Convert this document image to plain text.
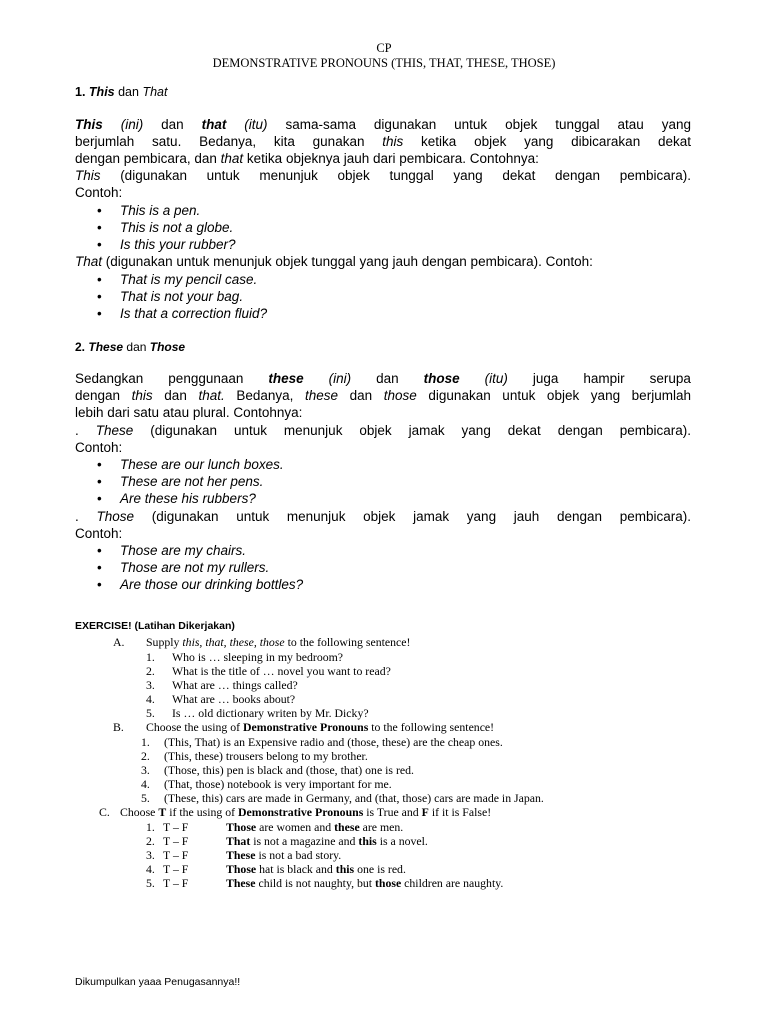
CP
DEMONSTRATIVE PRONOUNS (THIS, THAT, THESE, THOSE)
1. This dan That
This (ini) dan that (itu) sama-sama digunakan untuk objek tunggal atau yang
berjumlah satu. Bedanya, kita gunakan this ketika objek yang dibicarakan dekat
dengan pembicara, dan that ketika objeknya jauh dari pembicara. Contohnya:
This (digunakan untuk menunjuk objek tunggal yang dekat dengan pembicara).
Contoh:
• This is a pen.
• This is not a globe.
• Is this your rubber?
That (digunakan untuk menunjuk objek tunggal yang jauh dengan pembicara). Contoh:
• That is my pencil case.
• That is not your bag.
• Is that a correction fluid?
2. These dan Those
Sedangkan penggunaan these (ini) dan those (itu) juga hampir serupa
dengan this dan that. Bedanya, these dan those digunakan untuk objek yang berjumlah
lebih dari satu atau plural. Contohnya:
. These (digunakan untuk menunjuk objek jamak yang dekat dengan pembicara).
Contoh:
• These are our lunch boxes.
• These are not her pens.
• Are these his rubbers?
. Those (digunakan untuk menunjuk objek jamak yang jauh dengan pembicara).
Contoh:
• Those are my chairs.
• Those are not my rullers.
• Are those our drinking bottles?
EXERCISE! (Latihan Dikerjakan)
A. Supply this, that, these, those to the following sentence!
1. Who is … sleeping in my bedroom?
2. What is the title of … novel you want to read?
3. What are … things called?
4. What are … books about?
5. Is … old dictionary writen by Mr. Dicky?
B. Choose the using of Demonstrative Pronouns to the following sentence!
1. (This, That) is an Expensive radio and (those, these) are the cheap ones.
2. (This, these) trousers belong to my brother.
3. (Those, this) pen is black and (those, that) one is red.
4. (That, those) notebook is very important for me.
5. (These, this) cars are made in Germany, and (that, those) cars are made in Japan.
C. Choose T if the using of Demonstrative Pronouns is True and F if it is False!
1. T – F	Those are women and these are men.
2. T – F	That is not a magazine and this is a novel.
3. T – F	These is not a bad story.
4. T – F	Those hat is black and this one is red.
5. T – F	These child is not naughty, but those children are naughty.
Dikumpulkan yaaa Penugasannya!!
